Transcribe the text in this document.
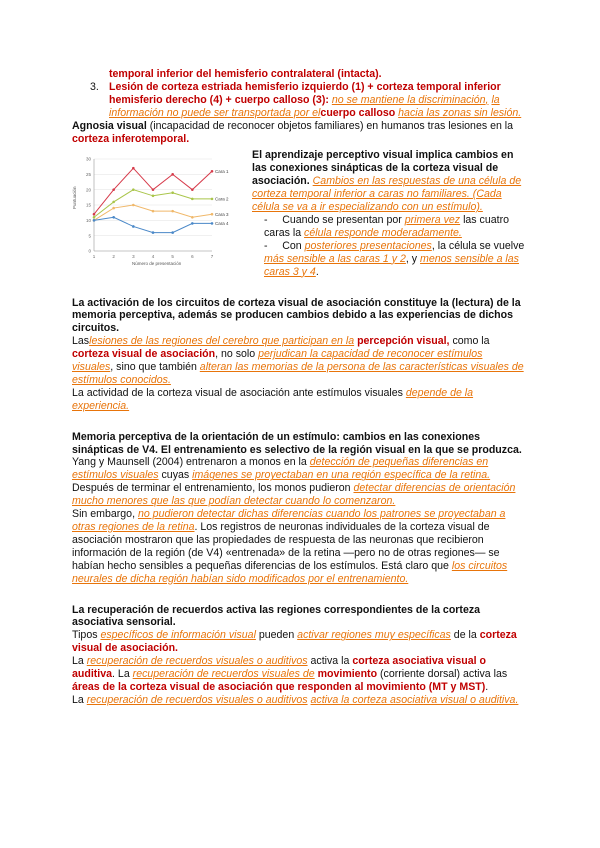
temporal inferior del hemisferio contralateral (intacta).

3. Lesión de corteza estriada hemisferio izquierdo (1) + corteza temporal inferior hemisferio derecho (4) + cuerpo calloso (3): no se mantiene la discriminación, la información no puede ser transportada por elcuerpo calloso hacia las zonas sin lesión.

Agnosia visual (incapacidad de reconocer objetos familiares) en humanos tras lesiones en la corteza inferotemporal.

0
5
10
15
20
25
30
1	2	3	4	5	6	7
Cara 1
Cara 2
Cara 3
Cara 4
Número de presentación
Puntuación

El aprendizaje perceptivo visual implica cambios en las conexiones sinápticas de la corteza visual de asociación. Cambios en las respuestas de una célula de corteza temporal inferior a caras no familiares. (Cada célula se va a ir especializando con un estímulo).

- Cuando se presentan por primera vez las cuatro caras la célula responde moderadamente.

- Con posteriores presentaciones, la célula se vuelve más sensible a las caras 1 y 2, y menos sensible a las caras 3 y 4.

La activación de los circuitos de corteza visual de asociación constituye la (lectura) de la memoria perceptiva, además se producen cambios debido a las experiencias de dichos circuitos.

Laslesiones de las regiones del cerebro que participan en la percepción visual, como la corteza visual de asociación, no solo perjudican la capacidad de reconocer estímulos visuales, sino que también alteran las memorias de la persona de las características visuales de estímulos conocidos.

La actividad de la corteza visual de asociación ante estímulos visuales depende de la experiencia.

Memoria perceptiva de la orientación de un estímulo: cambios en las conexiones sinápticas de V4. El entrenamiento es selectivo de la región visual en la que se produzca.

Yang y Maunsell (2004) entrenaron a monos en la detección de pequeñas diferencias en estímulos visuales cuyas imágenes se proyectaban en una región específica de la retina.

Después de terminar el entrenamiento, los monos pudieron detectar diferencias de orientación mucho menores que las que podían detectar cuando lo comenzaron.

Sin embargo, no pudieron detectar dichas diferencias cuando los patrones se proyectaban a otras regiones de la retina. Los registros de neuronas individuales de la corteza visual de asociación mostraron que las propiedades de respuesta de las neuronas que recibieron información de la región (de V4) «entrenada» de la retina —pero no de otras regiones— se habían hecho sensibles a pequeñas diferencias de los estímulos. Está claro que los circuitos neurales de dicha región habían sido modificados por el entrenamiento.

La recuperación de recuerdos activa las regiones correspondientes de la corteza asociativa sensorial.

Tipos específicos de información visual pueden activar regiones muy específicas de la corteza visual de asociación.

La recuperación de recuerdos visuales o auditivos activa la corteza asociativa visual o auditiva. La recuperación de recuerdos visuales de movimiento (corriente dorsal) activa las áreas de la corteza visual de asociación que responden al movimiento (MT y MST).

La recuperación de recuerdos visuales o auditivos activa la corteza asociativa visual o auditiva.
